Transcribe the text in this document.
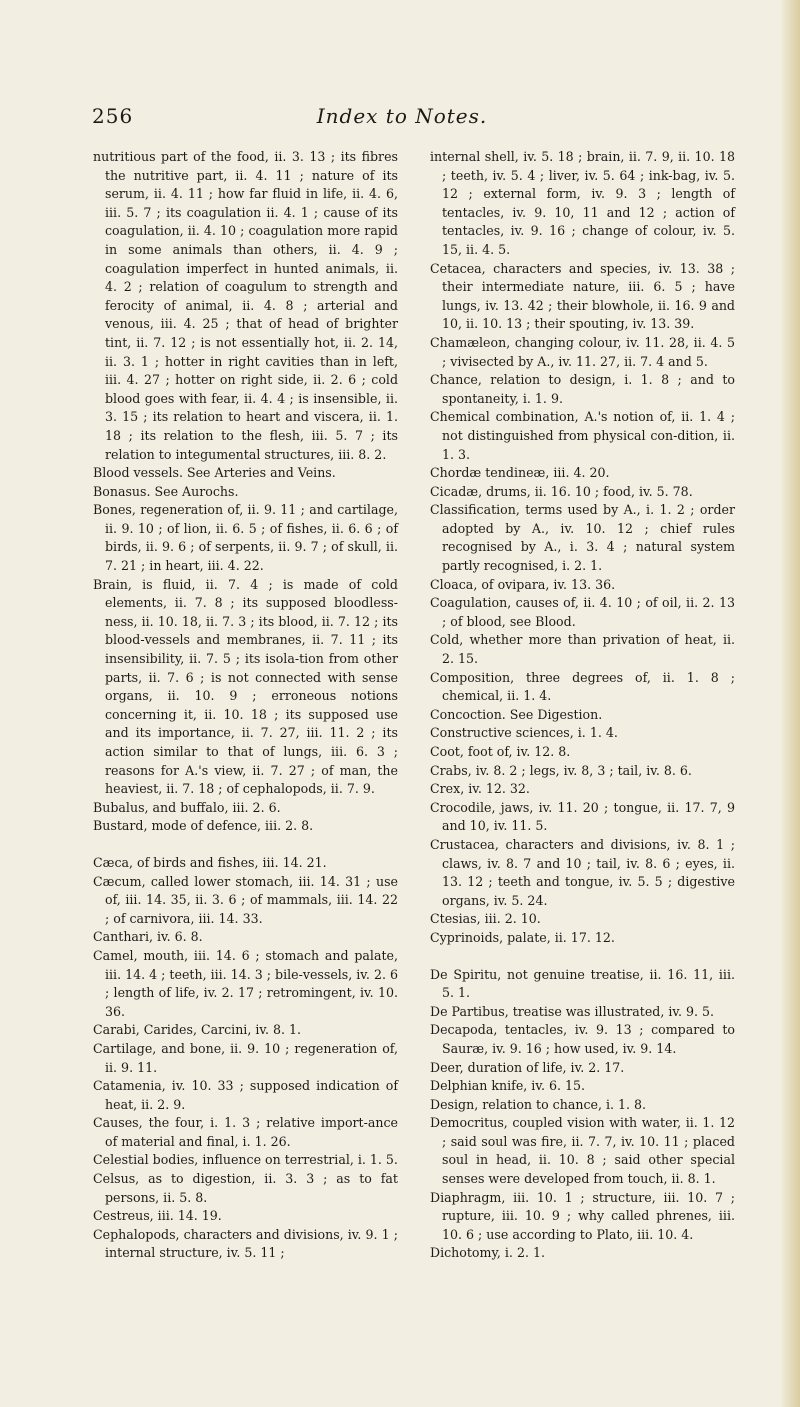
256	Index to Notes.

nutritious part of the food, ii. 3. 13 ; its fibres the nutritive part, ii. 4. 11 ; nature of its serum, ii. 4. 11 ; how far fluid in life, ii. 4. 6, iii. 5. 7 ; its coagulation ii. 4. 1 ; cause of its coagulation, ii. 4. 10 ; coagulation more rapid in some animals than others, ii. 4. 9 ; coagulation imperfect in hunted animals, ii. 4. 2 ; relation of coagulum to strength and ferocity of animal, ii. 4. 8 ; arterial and venous, iii. 4. 25 ; that of head of brighter tint, ii. 7. 12 ; is not essentially hot, ii. 2. 14, ii. 3. 1 ; hotter in right cavities than in left, iii. 4. 27 ; hotter on right side, ii. 2. 6 ; cold blood goes with fear, ii. 4. 4 ; is insensible, ii. 3. 15 ; its relation to heart and viscera, ii. 1. 18 ; its relation to the flesh, iii. 5. 7 ; its relation to integumental structures, iii. 8. 2.

Blood vessels. See Arteries and Veins.

Bonasus. See Aurochs.

Bones, regeneration of, ii. 9. 11 ; and cartilage, ii. 9. 10 ; of lion, ii. 6. 5 ; of fishes, ii. 6. 6 ; of birds, ii. 9. 6 ; of serpents, ii. 9. 7 ; of skull, ii. 7. 21 ; in heart, iii. 4. 22.

Brain, is fluid, ii. 7. 4 ; is made of cold elements, ii. 7. 8 ; its supposed bloodless-ness, ii. 10. 18, ii. 7. 3 ; its blood, ii. 7. 12 ; its blood-vessels and membranes, ii. 7. 11 ; its insensibility, ii. 7. 5 ; its isola-tion from other parts, ii. 7. 6 ; is not connected with sense organs, ii. 10. 9 ; erroneous notions concerning it, ii. 10. 18 ; its supposed use and its importance, ii. 7. 27, iii. 11. 2 ; its action similar to that of lungs, iii. 6. 3 ; reasons for A.'s view, ii. 7. 27 ; of man, the heaviest, ii. 7. 18 ; of cephalopods, ii. 7. 9.

Bubalus, and buffalo, iii. 2. 6.

Bustard, mode of defence, iii. 2. 8.

Cæca, of birds and fishes, iii. 14. 21.

Cæcum, called lower stomach, iii. 14. 31 ; use of, iii. 14. 35, ii. 3. 6 ; of mammals, iii. 14. 22 ; of carnivora, iii. 14. 33.

Canthari, iv. 6. 8.

Camel, mouth, iii. 14. 6 ; stomach and palate, iii. 14. 4 ; teeth, iii. 14. 3 ; bile-vessels, iv. 2. 6 ; length of life, iv. 2. 17 ; retromingent, iv. 10. 36.

Carabi, Carides, Carcini, iv. 8. 1.

Cartilage, and bone, ii. 9. 10 ; regeneration of, ii. 9. 11.

Catamenia, iv. 10. 33 ; supposed indication of heat, ii. 2. 9.

Causes, the four, i. 1. 3 ; relative import-ance of material and final, i. 1. 26.

Celestial bodies, influence on terrestrial, i. 1. 5.

Celsus, as to digestion, ii. 3. 3 ; as to fat persons, ii. 5. 8.

Cestreus, iii. 14. 19.

Cephalopods, characters and divisions, iv. 9. 1 ; internal structure, iv. 5. 11 ;

internal shell, iv. 5. 18 ; brain, ii. 7. 9, ii. 10. 18 ; teeth, iv. 5. 4 ; liver, iv. 5. 64 ; ink-bag, iv. 5. 12 ; external form, iv. 9. 3 ; length of tentacles, iv. 9. 10, 11 and 12 ; action of tentacles, iv. 9. 16 ; change of colour, iv. 5. 15, ii. 4. 5.

Cetacea, characters and species, iv. 13. 38 ; their intermediate nature, iii. 6. 5 ; have lungs, iv. 13. 42 ; their blowhole, ii. 16. 9 and 10, ii. 10. 13 ; their spouting, iv. 13. 39.

Chamæleon, changing colour, iv. 11. 28, ii. 4. 5 ; vivisected by A., iv. 11. 27, ii. 7. 4 and 5.

Chance, relation to design, i. 1. 8 ; and to spontaneity, i. 1. 9.

Chemical combination, A.'s notion of, ii. 1. 4 ; not distinguished from physical con-dition, ii. 1. 3.

Chordæ tendineæ, iii. 4. 20.

Cicadæ, drums, ii. 16. 10 ; food, iv. 5. 78.

Classification, terms used by A., i. 1. 2 ; order adopted by A., iv. 10. 12 ; chief rules recognised by A., i. 3. 4 ; natural system partly recognised, i. 2. 1.

Cloaca, of ovipara, iv. 13. 36.

Coagulation, causes of, ii. 4. 10 ; of oil, ii. 2. 13 ; of blood, see Blood.

Cold, whether more than privation of heat, ii. 2. 15.

Composition, three degrees of, ii. 1. 8 ; chemical, ii. 1. 4.

Concoction. See Digestion.

Constructive sciences, i. 1. 4.

Coot, foot of, iv. 12. 8.

Crabs, iv. 8. 2 ; legs, iv. 8, 3 ; tail, iv. 8. 6.

Crex, iv. 12. 32.

Crocodile, jaws, iv. 11. 20 ; tongue, ii. 17. 7, 9 and 10, iv. 11. 5.

Crustacea, characters and divisions, iv. 8. 1 ; claws, iv. 8. 7 and 10 ; tail, iv. 8. 6 ; eyes, ii. 13. 12 ; teeth and tongue, iv. 5. 5 ; digestive organs, iv. 5. 24.

Ctesias, iii. 2. 10.

Cyprinoids, palate, ii. 17. 12.

De Spiritu, not genuine treatise, ii. 16. 11, iii. 5. 1.

De Partibus, treatise was illustrated, iv. 9. 5.

Decapoda, tentacles, iv. 9. 13 ; compared to Sauræ, iv. 9. 16 ; how used, iv. 9. 14.

Deer, duration of life, iv. 2. 17.

Delphian knife, iv. 6. 15.

Design, relation to chance, i. 1. 8.

Democritus, coupled vision with water, ii. 1. 12 ; said soul was fire, ii. 7. 7, iv. 10. 11 ; placed soul in head, ii. 10. 8 ; said other special senses were developed from touch, ii. 8. 1.

Diaphragm, iii. 10. 1 ; structure, iii. 10. 7 ; rupture, iii. 10. 9 ; why called phrenes, iii. 10. 6 ; use according to Plato, iii. 10. 4.

Dichotomy, i. 2. 1.
